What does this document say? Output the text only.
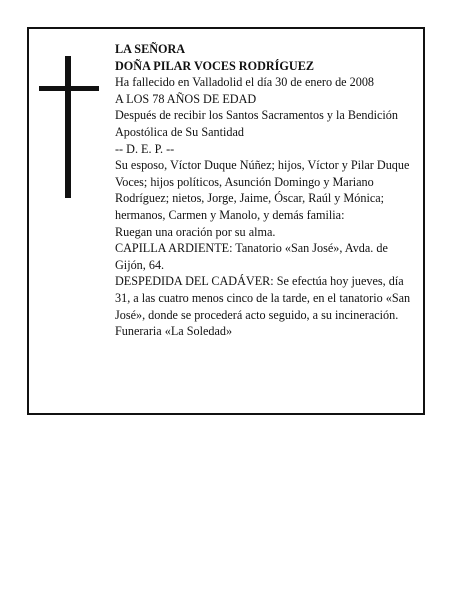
LA SEÑORA

DOÑA PILAR VOCES RODRÍGUEZ

Ha fallecido en Valladolid el día 30 de enero de 2008

A LOS 78 AÑOS DE EDAD

Después de recibir los Santos Sacramentos y la Bendición Apostólica de Su Santidad

-- D. E. P. --

Su esposo, Víctor Duque Núñez; hijos, Víctor y Pilar Duque Voces; hijos políticos, Asunción Domingo y Mariano Rodríguez; nietos, Jorge, Jaime, Óscar, Raúl y Mónica; hermanos, Carmen y Manolo, y demás familia:

Ruegan una oración por su alma.

CAPILLA ARDIENTE: Tanatorio «San José», Avda. de Gijón, 64.

DESPEDIDA DEL CADÁVER: Se efectúa hoy jueves, día 31, a las cuatro menos cinco de la tarde, en el tanatorio «San José», donde se procederá acto seguido, a su incineración.

Funeraria «La Soledad»
